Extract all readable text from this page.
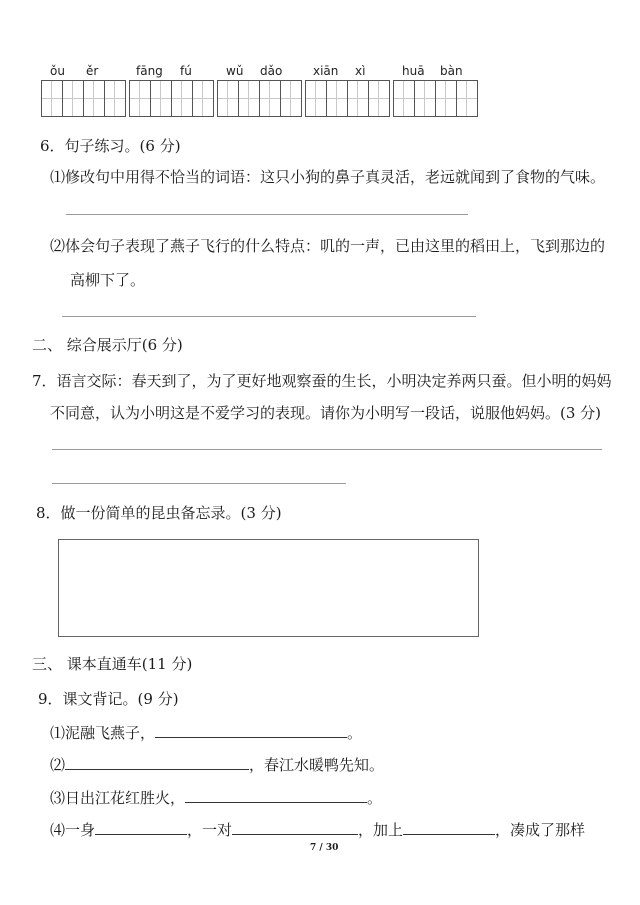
ǒu ěr	fāng fú	wǔ dǎo	xiān xì	huā bàn
6．句子练习。(6 分)
⑴修改句中用得不恰当的词语：这只小狗的鼻子真灵活，老远就闻到了食物的气味。
⑵体会句子表现了燕子飞行的什么特点：叽的一声，已由这里的稻田上，飞到那边的
高柳下了。
二、 综合展示厅(6 分)
7．语言交际：春天到了，为了更好地观察蚕的生长，小明决定养两只蚕。但小明的妈妈
不同意，认为小明这是不爱学习的表现。请你为小明写一段话，说服他妈妈。(3 分)
8．做一份简单的昆虫备忘录。(3 分)
三、 课本直通车(11 分)
9．课文背记。(9 分)
⑴泥融飞燕子，	。
⑵	，春江水暖鸭先知。
⑶日出江花红胜火，	。
⑷一身	，一对	，加上	，凑成了那样
7 / 30
